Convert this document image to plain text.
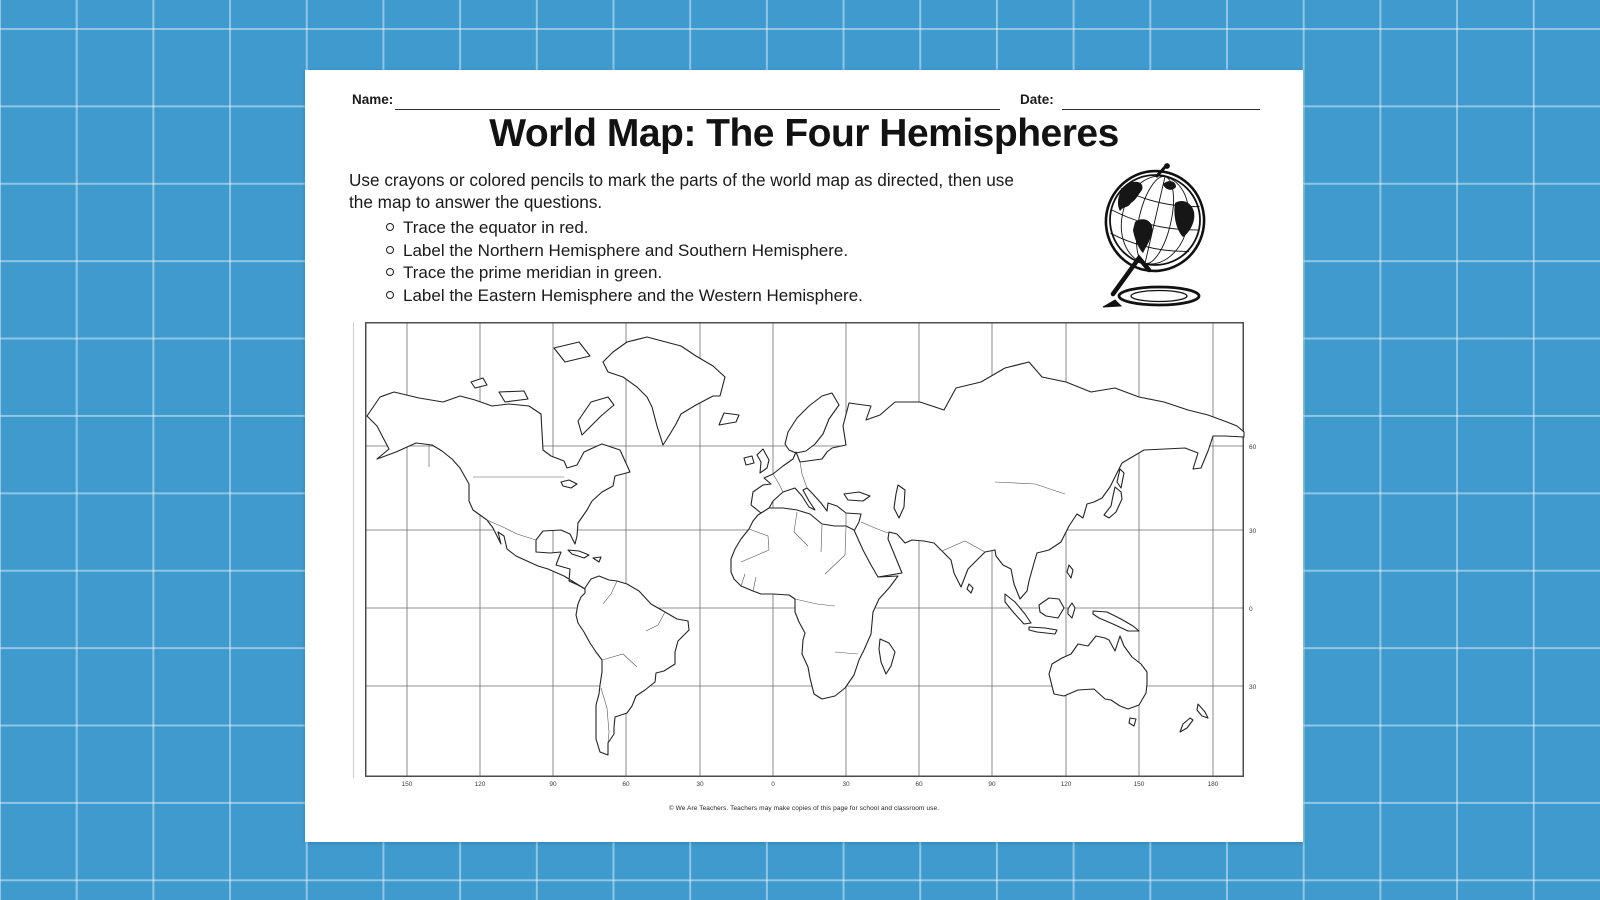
Name:	Date:
World Map: The Four Hemispheres

Use crayons or colored pencils to mark the parts of the world map as directed, then use the map to answer the questions.

Trace the equator in red.
Label the Northern Hemisphere and Southern Hemisphere.
Trace the prime meridian in green.
Label the Eastern Hemisphere and the Western Hemisphere.
150	120	90	60	30	0	30	60	90	120	150	180
60
30
0
30
© We Are Teachers. Teachers may make copies of this page for school and classroom use.
